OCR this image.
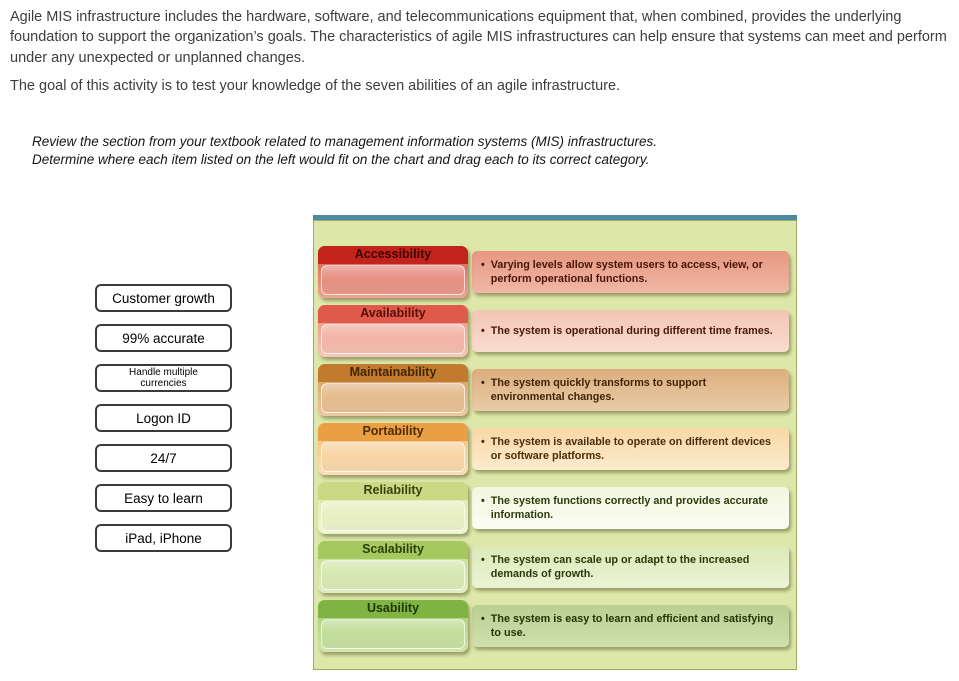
Agile MIS infrastructure includes the hardware, software, and telecommunications equipment that, when combined, provides the underlying foundation to support the organization’s goals. The characteristics of agile MIS infrastructures can help ensure that systems can meet and perform under any unexpected or unplanned changes.
The goal of this activity is to test your knowledge of the seven abilities of an agile infrastructure.
Review the section from your textbook related to management information systems (MIS) infrastructures.
Determine where each item listed on the left would fit on the chart and drag each to its correct category.
Customer growth
99% accurate
Handle multiple currencies
Logon ID
24/7
Easy to learn
iPad, iPhone
Accessibility
• Varying levels allow system users to access, view, or perform operational functions.
Availability
• The system is operational during different time frames.
Maintainability
• The system quickly transforms to support environmental changes.
Portability
• The system is available to operate on different devices or software platforms.
Reliability
• The system functions correctly and provides accurate information.
Scalability
• The system can scale up or adapt to the increased demands of growth.
Usability
• The system is easy to learn and efficient and satisfying to use.
